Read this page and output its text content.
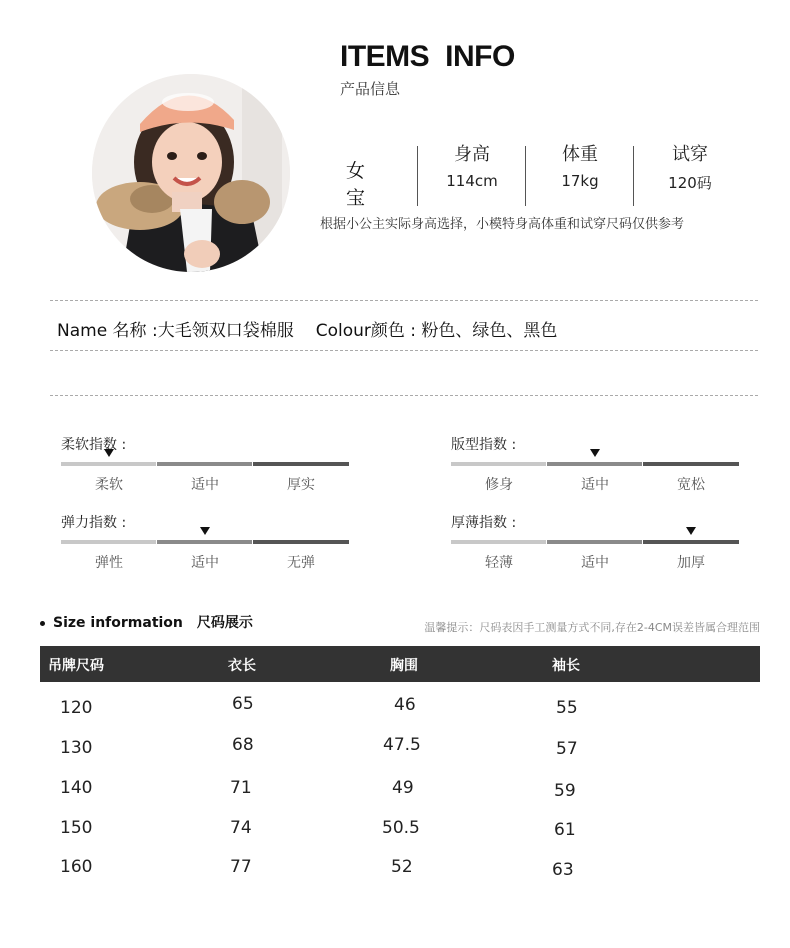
ITEMS INFO
产品信息
女宝
身高
114cm
体重
17kg
试穿
120码
根据小公主实际身高选择，小模特身高体重和试穿尺码仅供参考
Name 名称 :大毛领双口袋棉服 Colour颜色 : 粉色、绿色、黑色
柔软指数 :
柔软	适中	厚实
版型指数 :
修身	适中	宽松
弹力指数 :
弹性	适中	无弹
厚薄指数 :
轻薄	适中	加厚
Size information 尺码展示	温馨提示：尺码表因手工测量方式不同,存在2-4CM误差皆属合理范围
吊牌尺码	衣长	胸围	袖长
120	65	46	55
130	68	47.5	57
140	71	49	59
150	74	50.5	61
160	77	52	63
